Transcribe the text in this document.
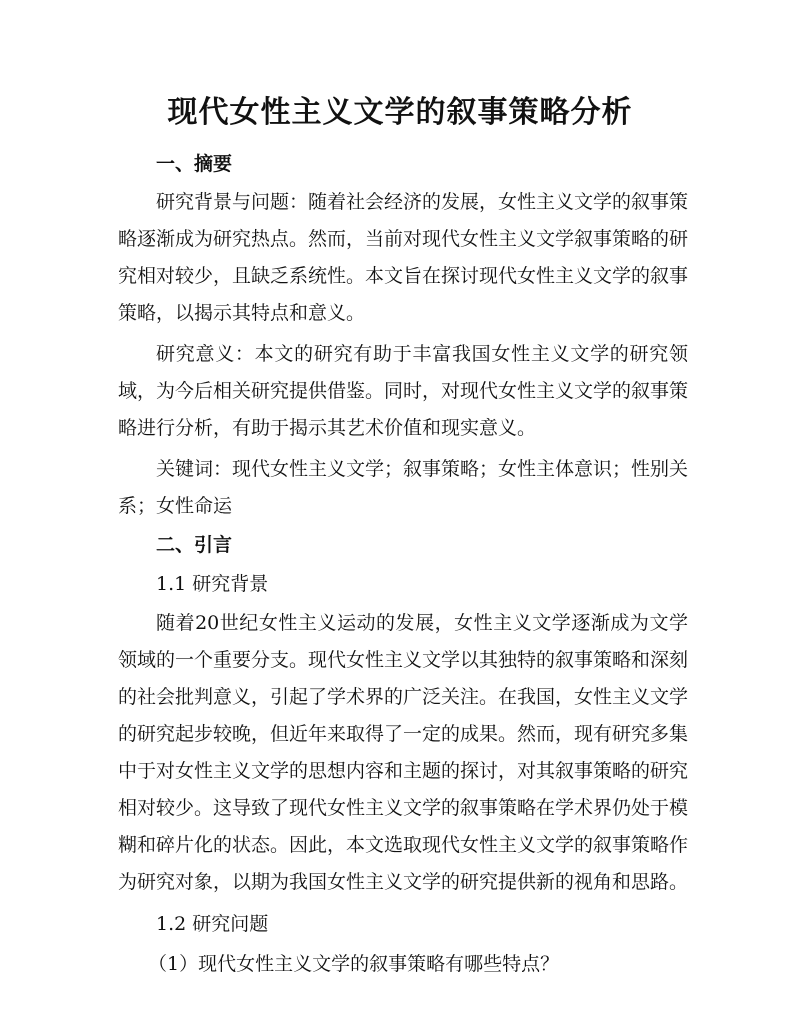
现代女性主义文学的叙事策略分析
一、摘要

研究背景与问题：随着社会经济的发展，女性主义文学的叙事策略逐渐成为研究热点。然而，当前对现代女性主义文学叙事策略的研究相对较少，且缺乏系统性。本文旨在探讨现代女性主义文学的叙事策略，以揭示其特点和意义。

研究意义：本文的研究有助于丰富我国女性主义文学的研究领域，为今后相关研究提供借鉴。同时，对现代女性主义文学的叙事策略进行分析，有助于揭示其艺术价值和现实意义。

关键词：现代女性主义文学；叙事策略；女性主体意识；性别关系；女性命运

二、引言
1.1 研究背景

随着20世纪女性主义运动的发展，女性主义文学逐渐成为文学领域的一个重要分支。现代女性主义文学以其独特的叙事策略和深刻的社会批判意义，引起了学术界的广泛关注。在我国，女性主义文学的研究起步较晚，但近年来取得了一定的成果。然而，现有研究多集中于对女性主义文学的思想内容和主题的探讨，对其叙事策略的研究相对较少。这导致了现代女性主义文学的叙事策略在学术界仍处于模糊和碎片化的状态。因此，本文选取现代女性主义文学的叙事策略作为研究对象，以期为我国女性主义文学的研究提供新的视角和思路。

1.2 研究问题
（1）现代女性主义文学的叙事策略有哪些特点？
